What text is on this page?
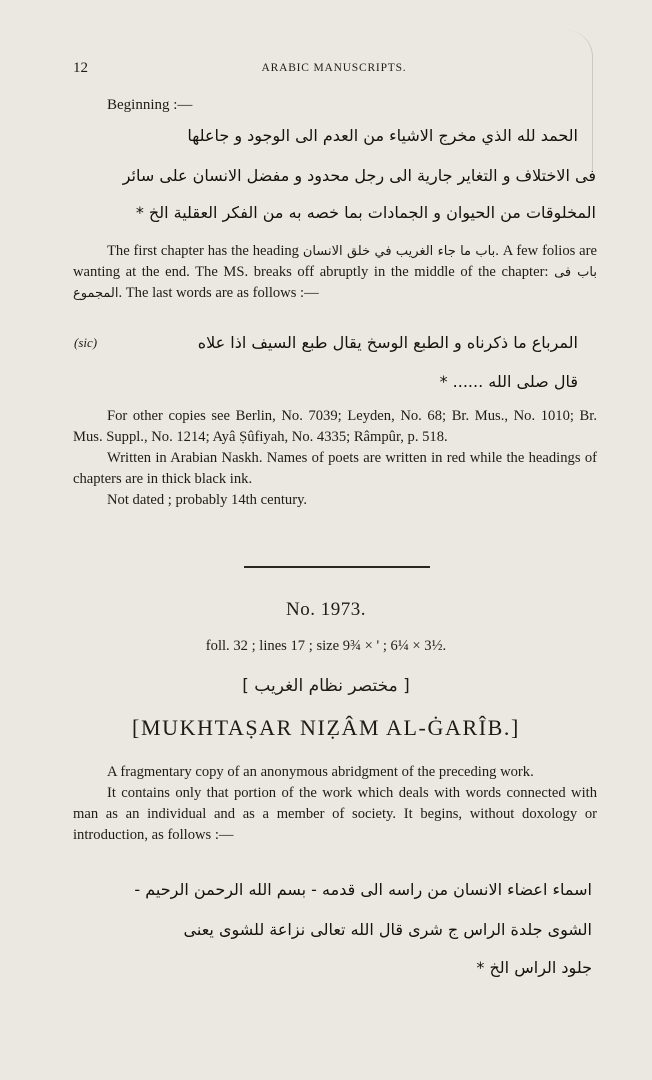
12	ARABIC MANUSCRIPTS.
Beginning :—
الحمد لله الذي مخرج الاشياء من العدم الى الوجود و جاعلها
فى الاختلاف و التغاير جارية الى رجل محدود و مفضل الانسان على سائر
المخلوقات من الحيوان و الجمادات بما خصه به من الفكر العقلية الخ *

The first chapter has the heading باب ما جاء الغريب في خلق الانسان. A few folios are wanting at the end. The MS. breaks off abruptly in the middle of the chapter: باب فى المجموع. The last words are as follows :—

(sic)	المرباع ما ذكرناه و الطبع الوسخ يقال طبع السيف اذا علاه
قال صلى الله ...... *

For other copies see Berlin, No. 7039; Leyden, No. 68; Br. Mus., No. 1010; Br. Mus. Suppl., No. 1214; Ayâ Ṣûfiyah, No. 4335; Râmpûr, p. 518.

Written in Arabian Naskh. Names of poets are written in red while the headings of chapters are in thick black ink.

Not dated ; probably 14th century.

No. 1973.
foll. 32 ; lines 17 ; size 9¾ × ' ; 6¼ × 3½.
[ مختصر نظام الغريب ]
[MUKHTAṢAR NIẒÂM AL-ĠARÎB.]

A fragmentary copy of an anonymous abridgment of the preceding work.

It contains only that portion of the work which deals with words connected with man as an individual and as a member of society. It begins, without doxology or introduction, as follows :—

اسماء اعضاء الانسان من راسه الى قدمه - بسم الله الرحمن الرحيم -
الشوى جلدة الراس ج شرى قال الله تعالى نزاعة للشوى يعنى
جلود الراس الخ *
